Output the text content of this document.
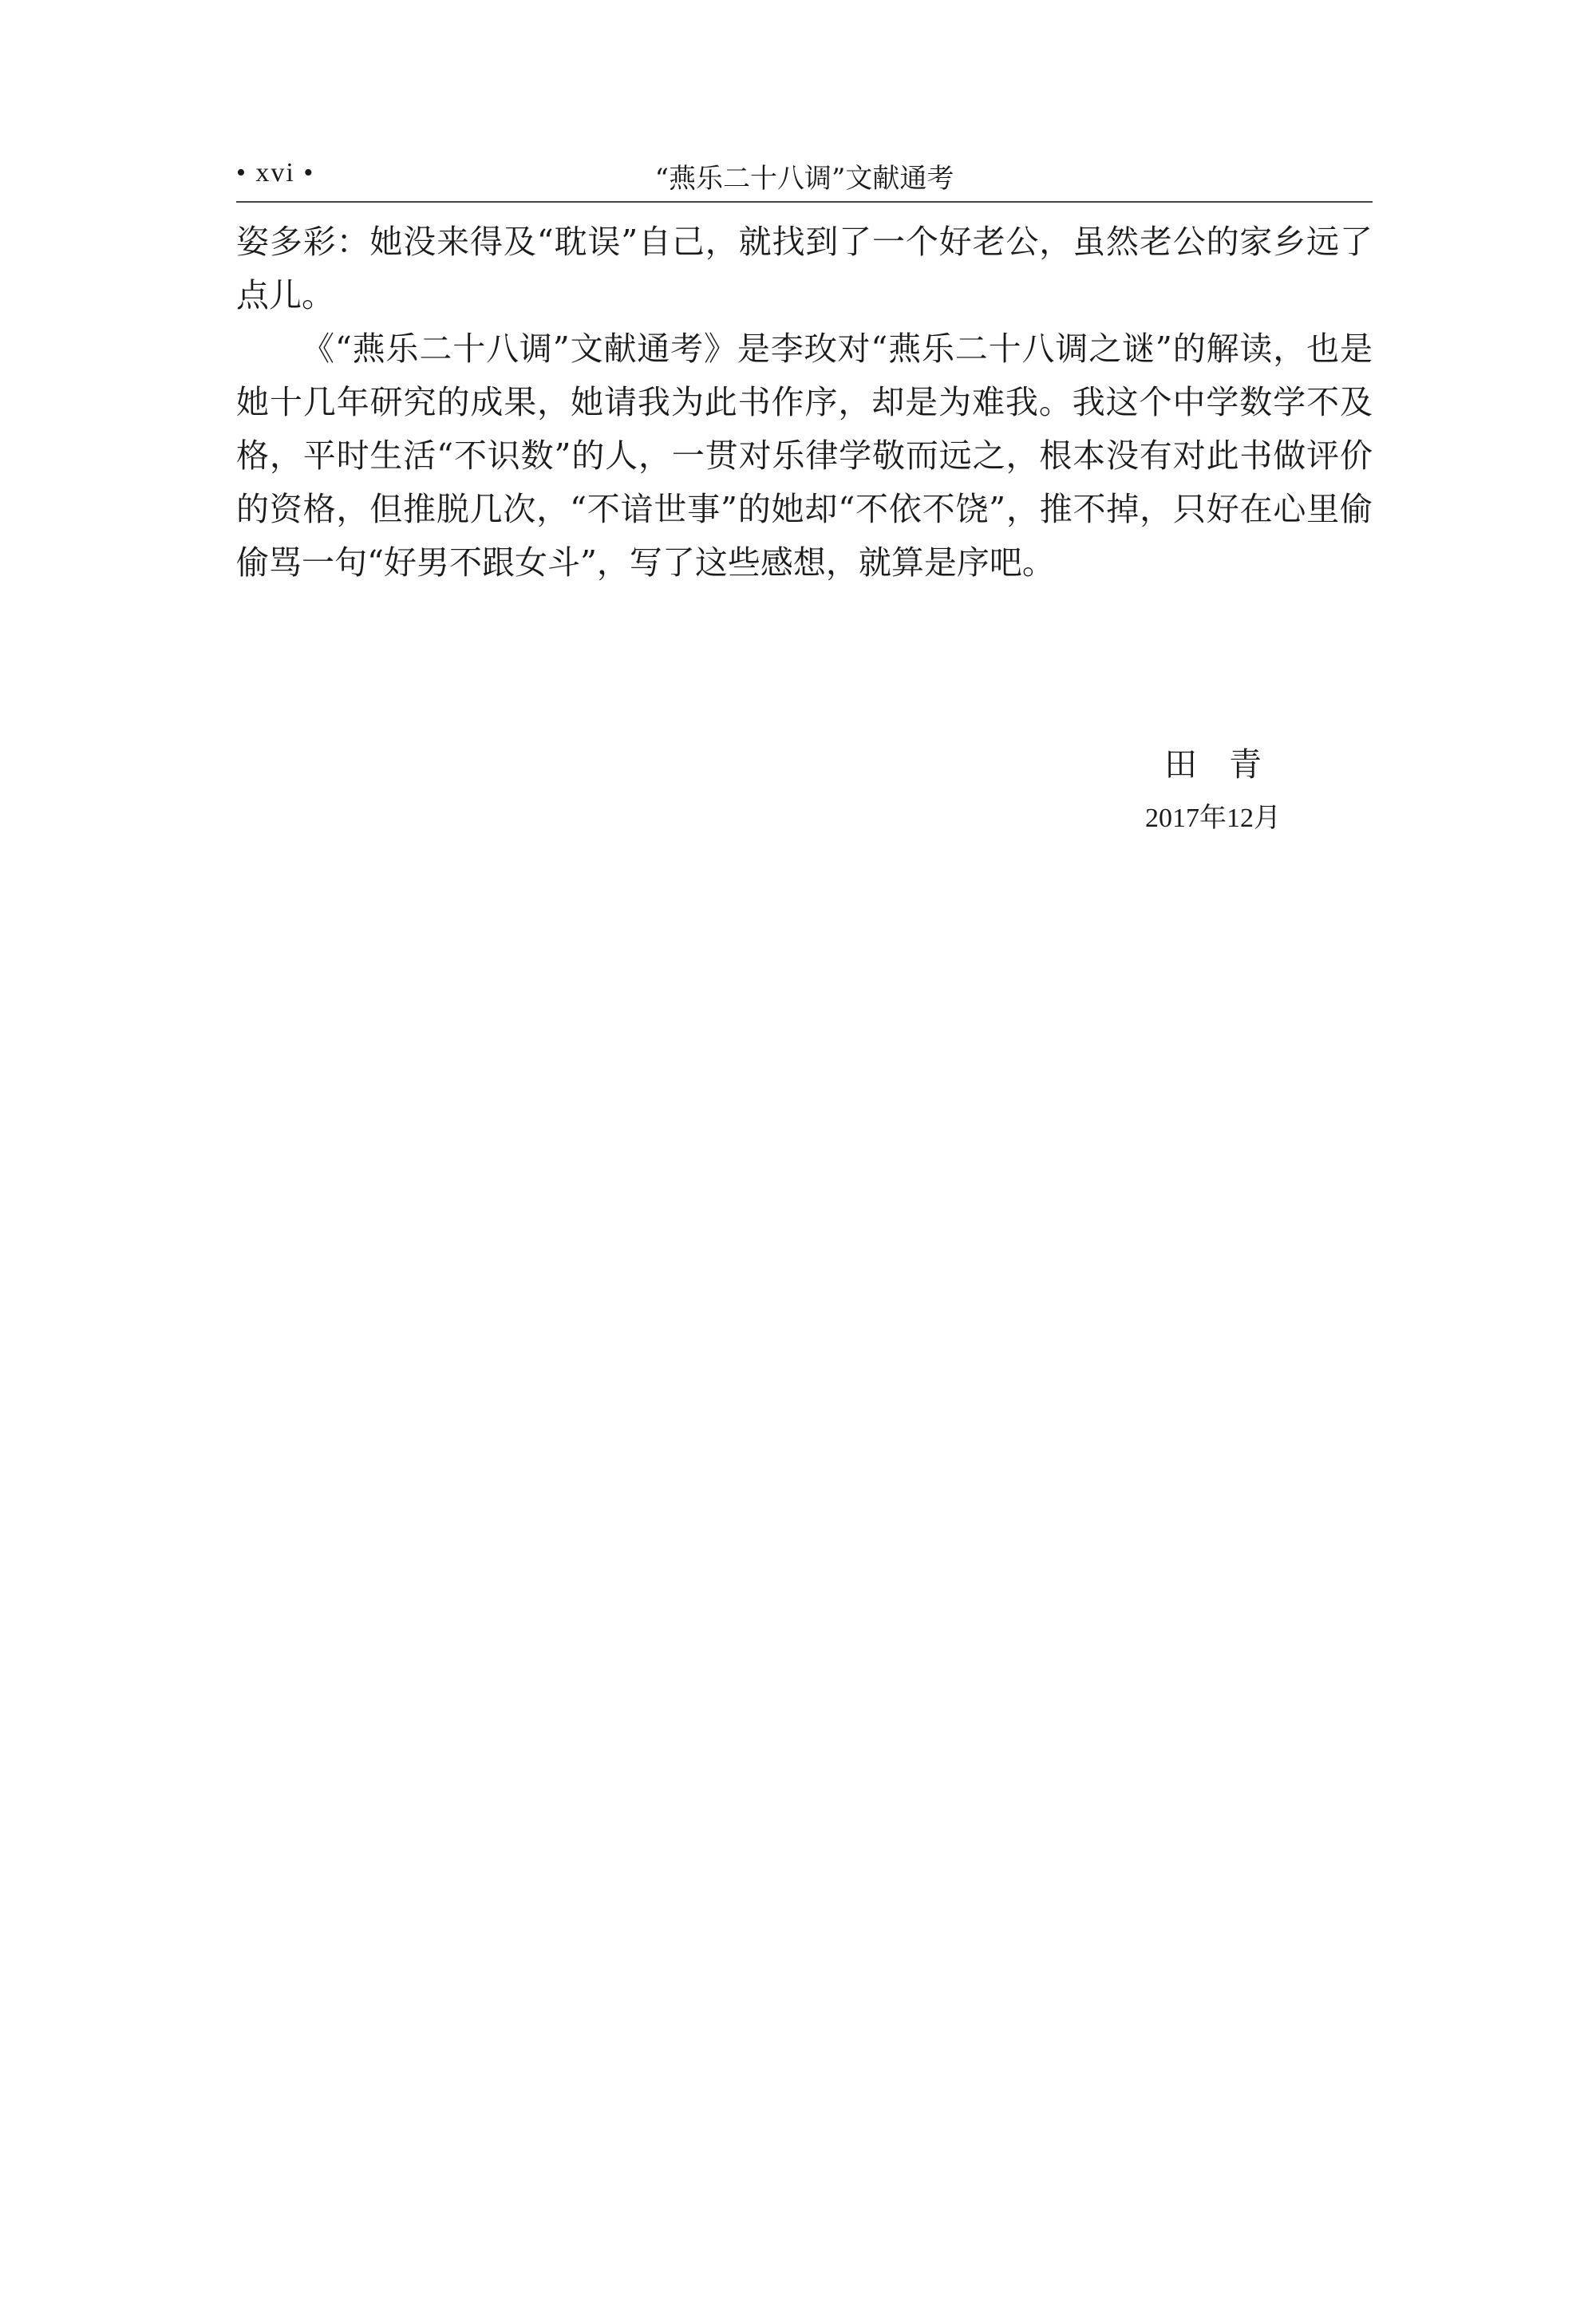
• xvi •	“燕乐二十八调”文献通考

姿多彩：她没来得及“耽误”自己，就找到了一个好老公，虽然老公的家乡远了点儿。

《“燕乐二十八调”文献通考》是李玫对“燕乐二十八调之谜”的解读，也是她十几年研究的成果，她请我为此书作序，却是为难我。我这个中学数学不及格，平时生活“不识数”的人，一贯对乐律学敬而远之，根本没有对此书做评价的资格，但推脱几次，“不谙世事”的她却“不依不饶”，推不掉，只好在心里偷偷骂一句“好男不跟女斗”，写了这些感想，就算是序吧。

田青
2017年12月
